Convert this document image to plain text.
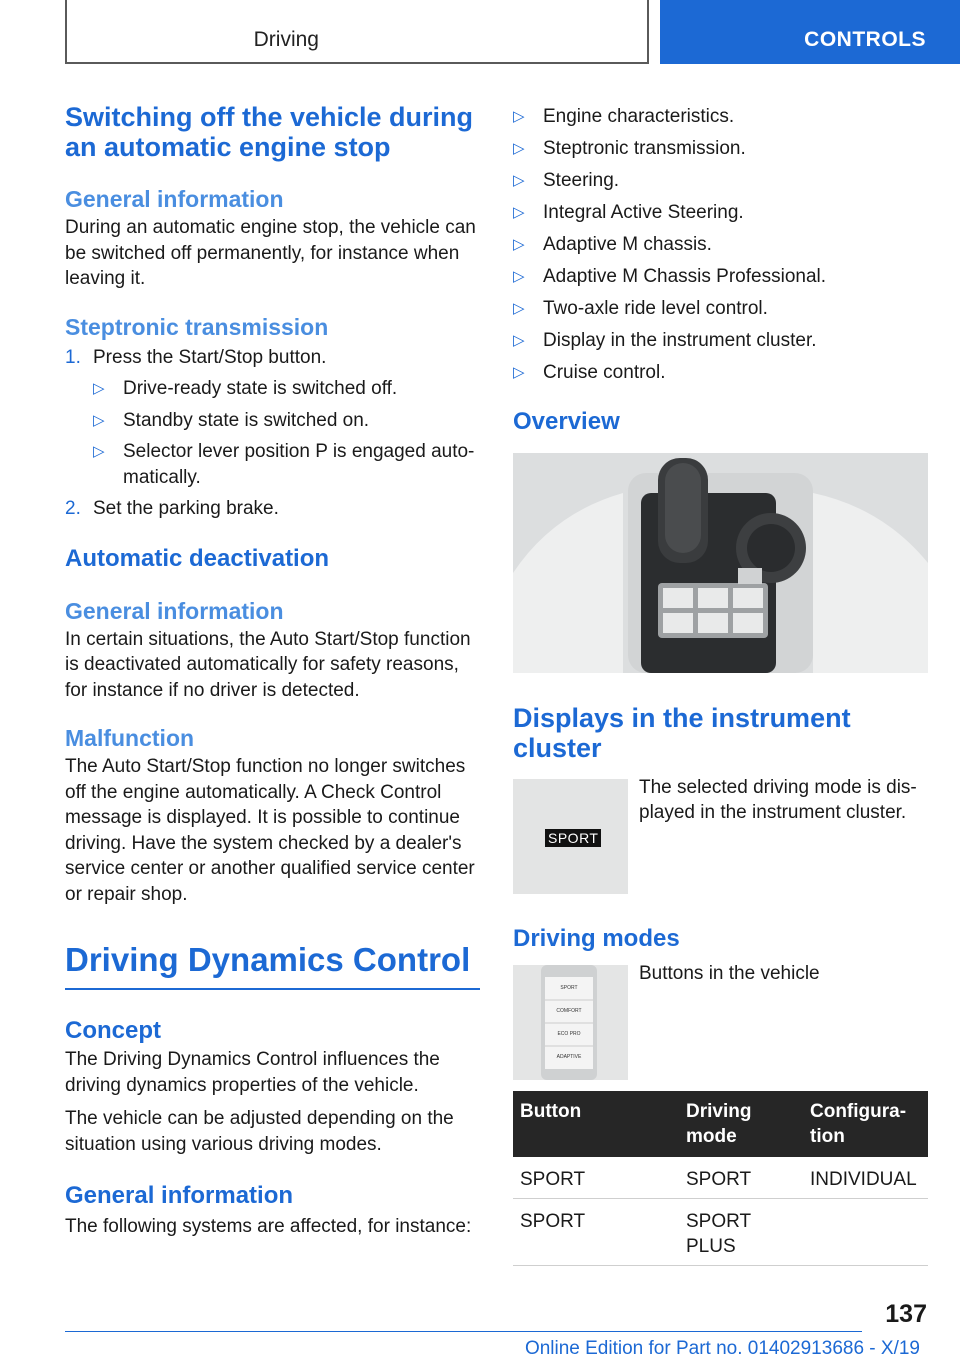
Driving	CONTROLS
Switching off the vehicle during an automatic engine stop
General information

During an automatic engine stop, the vehicle can be switched off permanently, for instance when leaving it.

Steptronic transmission
1. Press the Start/Stop button.
▷ Drive-ready state is switched off.
▷ Standby state is switched on.
▷ Selector lever position P is engaged auto‐matically.
2. Set the parking brake.
Automatic deactivation
General information

In certain situations, the Auto Start/Stop function is deactivated automatically for safety reasons, for instance if no driver is detected.

Malfunction

The Auto Start/Stop function no longer switches off the engine automatically. A Check Control message is displayed. It is possible to continue driving. Have the system checked by a dealer's service center or another qualified service center or repair shop.

Driving Dynamics Control
Concept

The Driving Dynamics Control influences the driving dynamics properties of the vehicle.

The vehicle can be adjusted depending on the situation using various driving modes.

General information

The following systems are affected, for instance:

▷ Engine characteristics.
▷ Steptronic transmission.
▷ Steering.
▷ Integral Active Steering.
▷ Adaptive M chassis.
▷ Adaptive M Chassis Professional.
▷ Two-axle ride level control.
▷ Display in the instrument cluster.
▷ Cruise control.
Overview
Displays in the instrument cluster
SPORT

The selected driving mode is dis‐played in the instrument cluster.

Driving modes
SPORT
COMFORT
ECO PRO
ADAPTIVE

Buttons in the vehicle

Button	Driving mode	Configura‐tion
SPORT	SPORT	INDIVIDUAL
SPORT	SPORT PLUS	
137
Online Edition for Part no. 01402913686 - X/19
